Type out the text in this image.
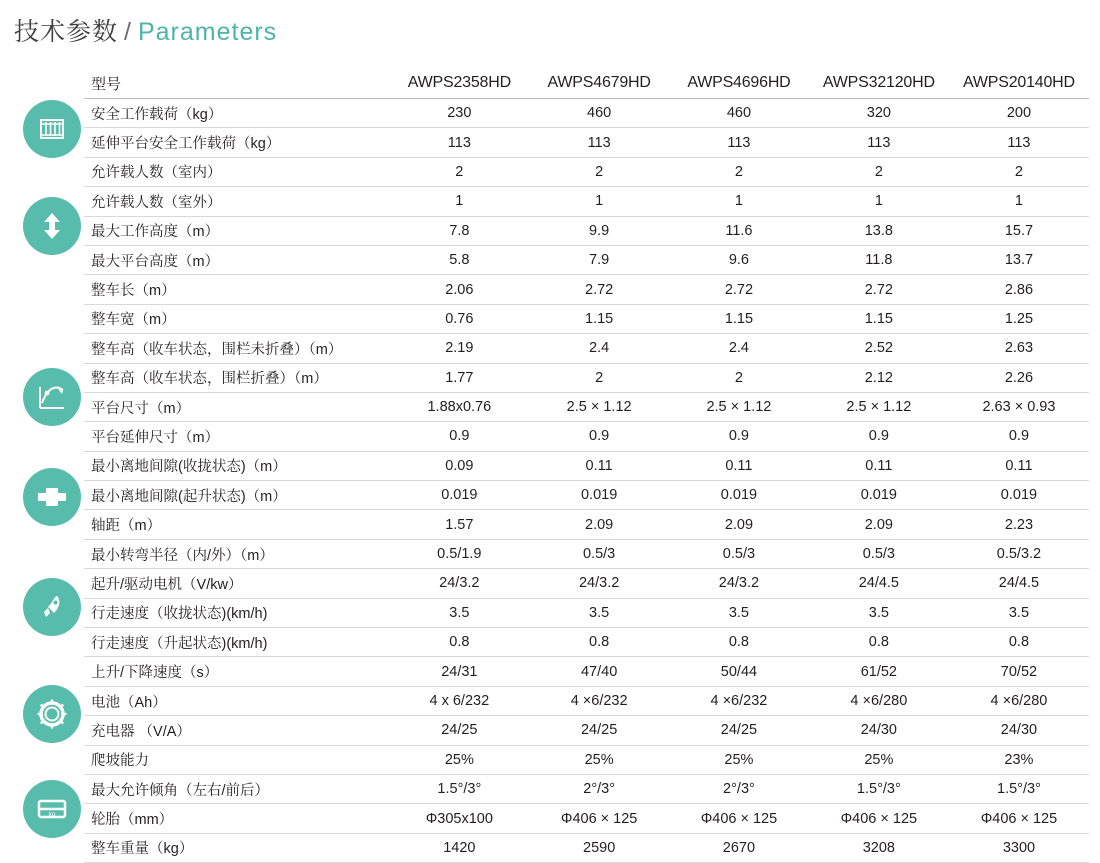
技术参数 / Parameters
kg
型号	AWPS2358HD	AWPS4679HD	AWPS4696HD	AWPS32120HD	AWPS20140HD
安全工作载荷（kg）	230	460	460	320	200
延伸平台安全工作载荷（kg）	113	113	113	113	113
允许载人数（室内）	2	2	2	2	2
允许载人数（室外）	1	1	1	1	1
最大工作高度（m）	7.8	9.9	11.6	13.8	15.7
最大平台高度（m）	5.8	7.9	9.6	11.8	13.7
整车长（m）	2.06	2.72	2.72	2.72	2.86
整车宽（m）	0.76	1.15	1.15	1.15	1.25
整车高（收车状态，围栏未折叠）（m）	2.19	2.4	2.4	2.52	2.63
整车高（收车状态，围栏折叠）（m）	1.77	2	2	2.12	2.26
平台尺寸（m）	1.88x0.76	2.5 × 1.12	2.5 × 1.12	2.5 × 1.12	2.63 × 0.93
平台延伸尺寸（m）	0.9	0.9	0.9	0.9	0.9
最小离地间隙(收拢状态)（m）	0.09	0.11	0.11	0.11	0.11
最小离地间隙(起升状态)（m）	0.019	0.019	0.019	0.019	0.019
轴距（m）	1.57	2.09	2.09	2.09	2.23
最小转弯半径（内/外）（m）	0.5/1.9	0.5/3	0.5/3	0.5/3	0.5/3.2
起升/驱动电机（V/kw）	24/3.2	24/3.2	24/3.2	24/4.5	24/4.5
行走速度（收拢状态)(km/h)	3.5	3.5	3.5	3.5	3.5
行走速度（升起状态)(km/h)	0.8	0.8	0.8	0.8	0.8
上升/下降速度（s）	24/31	47/40	50/44	61/52	70/52
电池（Ah）	4 x 6/232	4 ×6/232	4 ×6/232	4 ×6/280	4 ×6/280
充电器 （V/A）	24/25	24/25	24/25	24/30	24/30
爬坡能力	25%	25%	25%	25%	23%
最大允许倾角（左右/前后）	1.5°/3°	2°/3°	2°/3°	1.5°/3°	1.5°/3°
轮胎（mm）	Φ305x100	Φ406 × 125	Φ406 × 125	Φ406 × 125	Φ406 × 125
整车重量（kg）	1420	2590	2670	3208	3300
